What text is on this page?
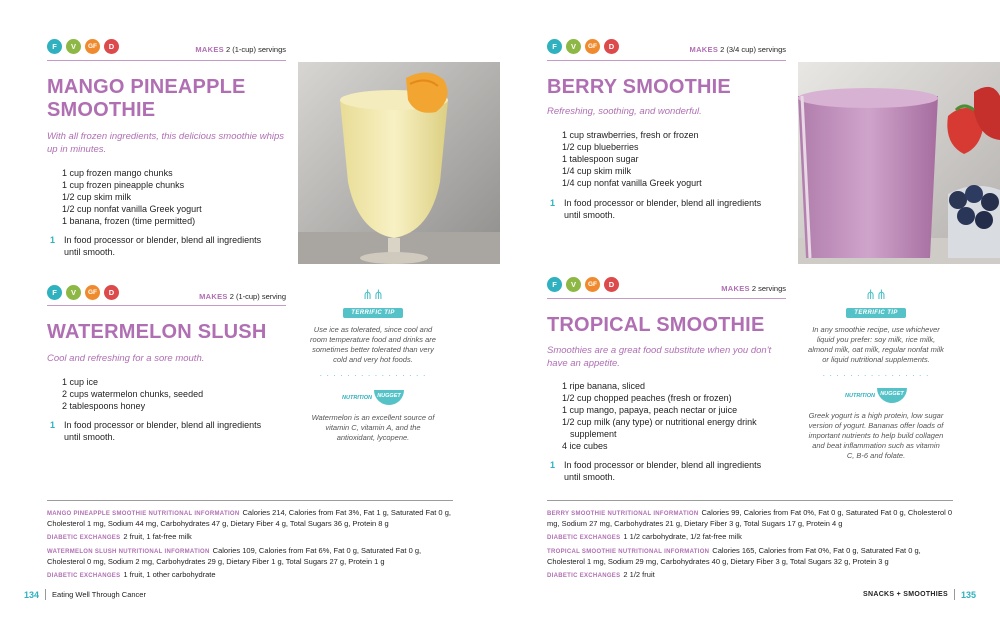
F	V	GF	D	MAKES 2 (1-cup) servings
MANGO PINEAPPLE
SMOOTHIE
With all frozen ingredients, this delicious smoothie whips up in minutes.
1 cup frozen mango chunks
1 cup frozen pineapple chunks
1/2 cup skim milk
1/2 cup nonfat vanilla Greek yogurt
1 banana, frozen (time permitted)
1 In food processor or blender, blend all ingredients until smooth.
F	V	GF	D	MAKES 2 (1-cup) serving
WATERMELON SLUSH
Cool and refreshing for a sore mouth.
1 cup ice
2 cups watermelon chunks, seeded
2 tablespoons honey
1 In food processor or blender, blend all ingredients until smooth.
⋔⋔
TERRIFIC TIP
Use ice as tolerated, since cool and room temperature food and drinks are sometimes better tolerated than very cold and very hot foods.
· · · · · · · · · · · · · · · ·
NUTRITION NUGGET
Watermelon is an excellent source of vitamin C, vitamin A, and the antioxidant, lycopene.

MANGO PINEAPPLE SMOOTHIE NUTRITIONAL INFORMATION Calories 214, Calories from Fat 3%, Fat 1 g, Saturated Fat 0 g, Cholesterol 1 mg, Sodium 44 mg, Carbohydrates 47 g, Dietary Fiber 4 g, Total Sugars 36 g, Protein 8 g

DIABETIC EXCHANGES 2 fruit, 1 fat-free milk

WATERMELON SLUSH NUTRITIONAL INFORMATION Calories 109, Calories from Fat 6%, Fat 0 g, Saturated Fat 0 g, Cholesterol 0 mg, Sodium 2 mg, Carbohydrates 29 g, Dietary Fiber 1 g, Total Sugars 27 g, Protein 1 g

DIABETIC EXCHANGES 1 fruit, 1 other carbohydrate

134 Eating Well Through Cancer
F	V	GF	D	MAKES 2 (3/4 cup) servings
BERRY SMOOTHIE
Refreshing, soothing, and wonderful.
1 cup strawberries, fresh or frozen
1/2 cup blueberries
1 tablespoon sugar
1/4 cup skim milk
1/4 cup nonfat vanilla Greek yogurt
1 In food processor or blender, blend all ingredients until smooth.
F	V	GF	D	MAKES 2 servings
TROPICAL SMOOTHIE
Smoothies are a great food substitute when you don't have an appetite.
1 ripe banana, sliced
1/2 cup chopped peaches (fresh or frozen)
1 cup mango, papaya, peach nectar or juice
1/2 cup milk (any type) or nutritional energy drink supplement
4 ice cubes
1 In food processor or blender, blend all ingredients until smooth.
⋔⋔
TERRIFIC TIP
In any smoothie recipe, use whichever liquid you prefer: soy milk, rice milk, almond milk, oat milk, regular nonfat milk or liquid nutritional supplements.
· · · · · · · · · · · · · · · ·
NUTRITION NUGGET
Greek yogurt is a high protein, low sugar version of yogurt. Bananas offer loads of important nutrients to help build collagen and beat inflammation such as vitamin C, B-6 and folate.

BERRY SMOOTHIE NUTRITIONAL INFORMATION Calories 99, Calories from Fat 0%, Fat 0 g, Saturated Fat 0 g, Cholesterol 0 mg, Sodium 27 mg, Carbohydrates 21 g, Dietary Fiber 3 g, Total Sugars 17 g, Protein 4 g

DIABETIC EXCHANGES 1 1/2 carbohydrate, 1/2 fat-free milk

TROPICAL SMOOTHIE NUTRITIONAL INFORMATION Calories 165, Calories from Fat 0%, Fat 0 g, Saturated Fat 0 g, Cholesterol 1 mg, Sodium 29 mg, Carbohydrates 40 g, Dietary Fiber 3 g, Total Sugars 32 g, Protein 3 g

DIABETIC EXCHANGES 2 1/2 fruit

SNACKS + SMOOTHIES 135
